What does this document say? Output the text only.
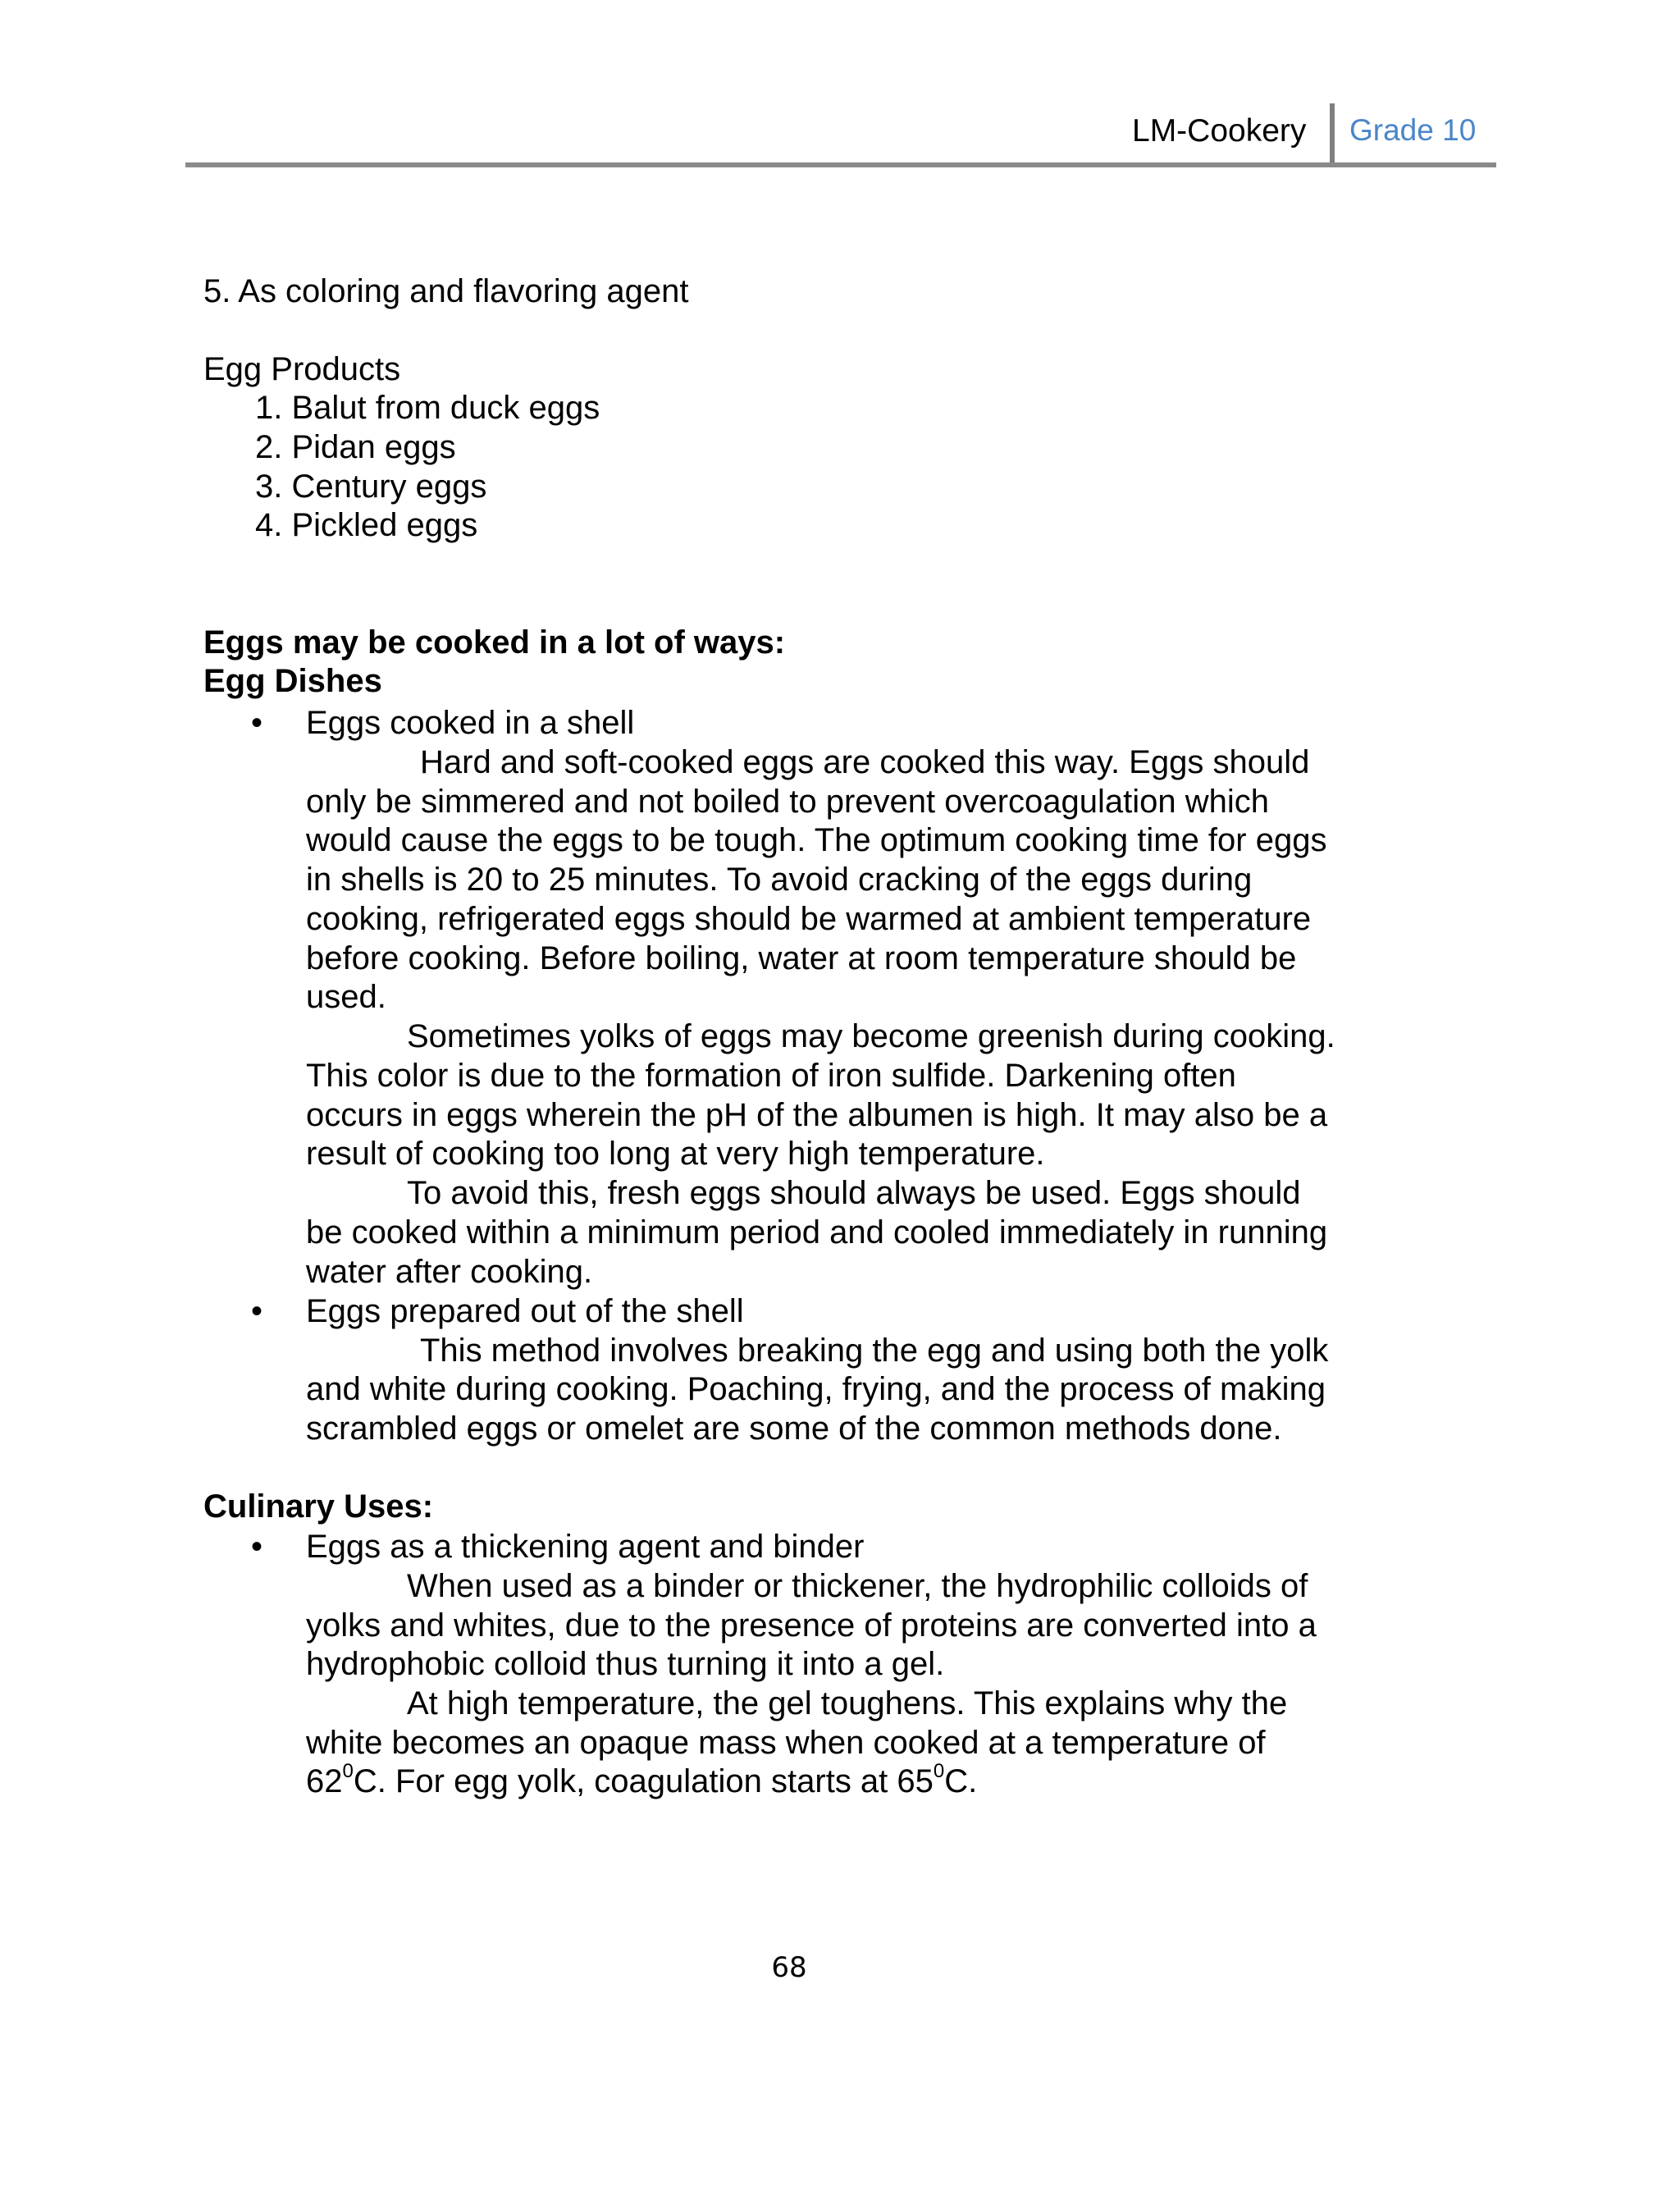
LM-Cookery Grade 10
5. As coloring and flavoring agent
Egg Products
1. Balut from duck eggs
2. Pidan eggs
3. Century eggs
4. Pickled eggs
Eggs may be cooked in a lot of ways:
Egg Dishes
• Eggs cooked in a shell
Hard and soft-cooked eggs are cooked this way. Eggs should
only be simmered and not boiled to prevent overcoagulation which
would cause the eggs to be tough. The optimum cooking time for eggs
in shells is 20 to 25 minutes. To avoid cracking of the eggs during
cooking, refrigerated eggs should be warmed at ambient temperature
before cooking. Before boiling, water at room temperature should be
used.
Sometimes yolks of eggs may become greenish during cooking.
This color is due to the formation of iron sulfide. Darkening often
occurs in eggs wherein the pH of the albumen is high. It may also be a
result of cooking too long at very high temperature.
To avoid this, fresh eggs should always be used. Eggs should
be cooked within a minimum period and cooled immediately in running
water after cooking.
• Eggs prepared out of the shell
This method involves breaking the egg and using both the yolk
and white during cooking. Poaching, frying, and the process of making
scrambled eggs or omelet are some of the common methods done.
Culinary Uses:
• Eggs as a thickening agent and binder
When used as a binder or thickener, the hydrophilic colloids of
yolks and whites, due to the presence of proteins are converted into a
hydrophobic colloid thus turning it into a gel.
At high temperature, the gel toughens. This explains why the
white becomes an opaque mass when cooked at a temperature of
$62^0C$. For egg yolk, coagulation starts at $65^0C$.
68
